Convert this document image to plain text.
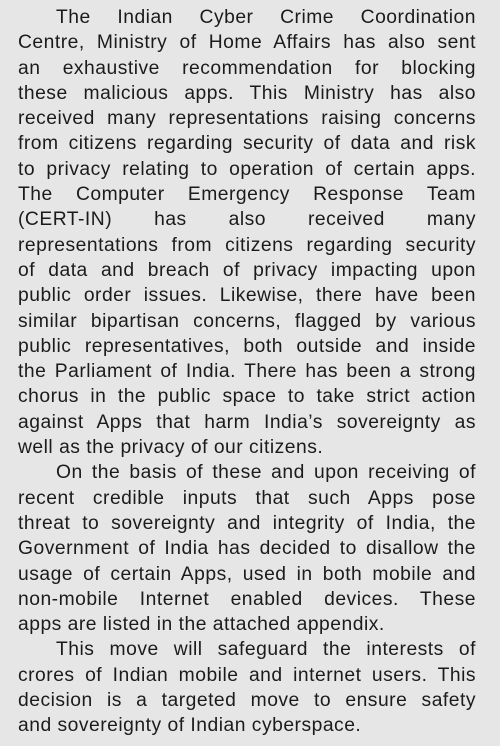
The Indian Cyber Crime Coordination
Centre, Ministry of Home Affairs has also sent
an exhaustive recommendation for blocking
these malicious apps. This Ministry has also
received many representations raising concerns
from citizens regarding security of data and risk
to privacy relating to operation of certain apps.
The Computer Emergency Response Team
(CERT-IN) has also received many
representations from citizens regarding security
of data and breach of privacy impacting upon
public order issues. Likewise, there have been
similar bipartisan concerns, flagged by various
public representatives, both outside and inside
the Parliament of India. There has been a strong
chorus in the public space to take strict action
against Apps that harm India’s sovereignty as
well as the privacy of our citizens.
On the basis of these and upon receiving of
recent credible inputs that such Apps pose
threat to sovereignty and integrity of India, the
Government of India has decided to disallow the
usage of certain Apps, used in both mobile and
non-mobile Internet enabled devices. These
apps are listed in the attached appendix.
This move will safeguard the interests of
crores of Indian mobile and internet users. This
decision is a targeted move to ensure safety
and sovereignty of Indian cyberspace.
